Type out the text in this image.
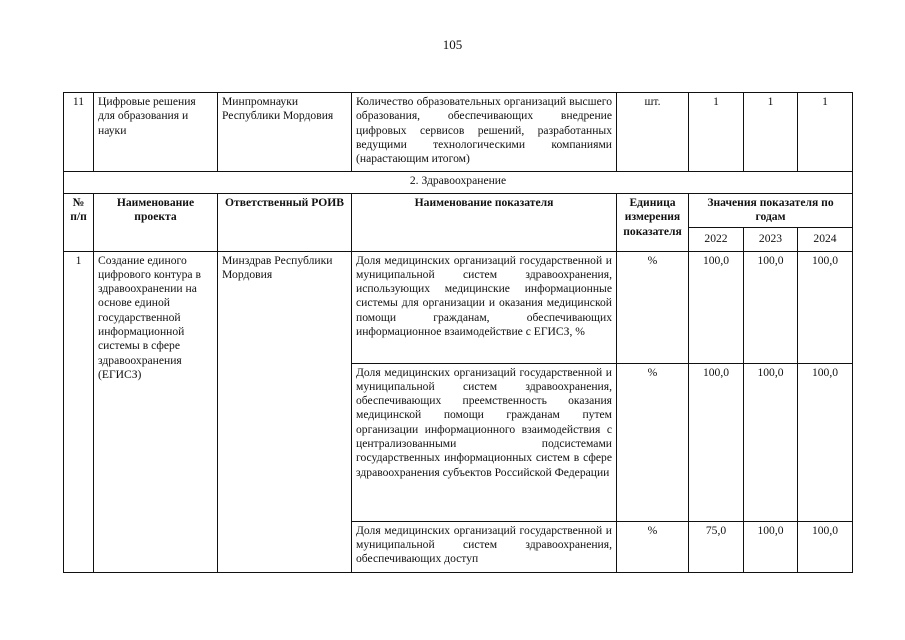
105
11	Цифровые решения для образования и науки	Минпромнауки Республики Мордовия	Количество образовательных организаций высшего образования, обеспечивающих внедрение цифровых сервисов решений, разработанных ведущими технологическими компаниями (нарастающим итогом)	шт.	1	1	1
2. Здравоохранение							
№ п/п	Наименование проекта	Ответственный РОИВ	Наименование показателя	Единица измерения показателя	Значения показателя по годам		
					2022	2023	2024
1	Создание единого цифрового контура в здравоохранении на основе единой государственной информационной системы в сфере здравоохранения (ЕГИСЗ)	Минздрав Республики Мордовия	Доля медицинских организаций государственной и муниципальной систем здравоохранения, использующих медицинские информационные системы для организации и оказания медицинской помощи гражданам, обеспечивающих информационное взаимодействие с ЕГИСЗ, %	%	100,0	100,0	100,0
			Доля медицинских организаций государственной и муниципальной систем здравоохранения, обеспечивающих преемственность оказания медицинской помощи гражданам путем организации информационного взаимодействия с централизованными подсистемами государственных информационных систем в сфере здравоохранения субъектов Российской Федерации	%	100,0	100,0	100,0
			Доля медицинских организаций государственной и муниципальной систем здравоохранения, обеспечивающих доступ	%	75,0	100,0	100,0
